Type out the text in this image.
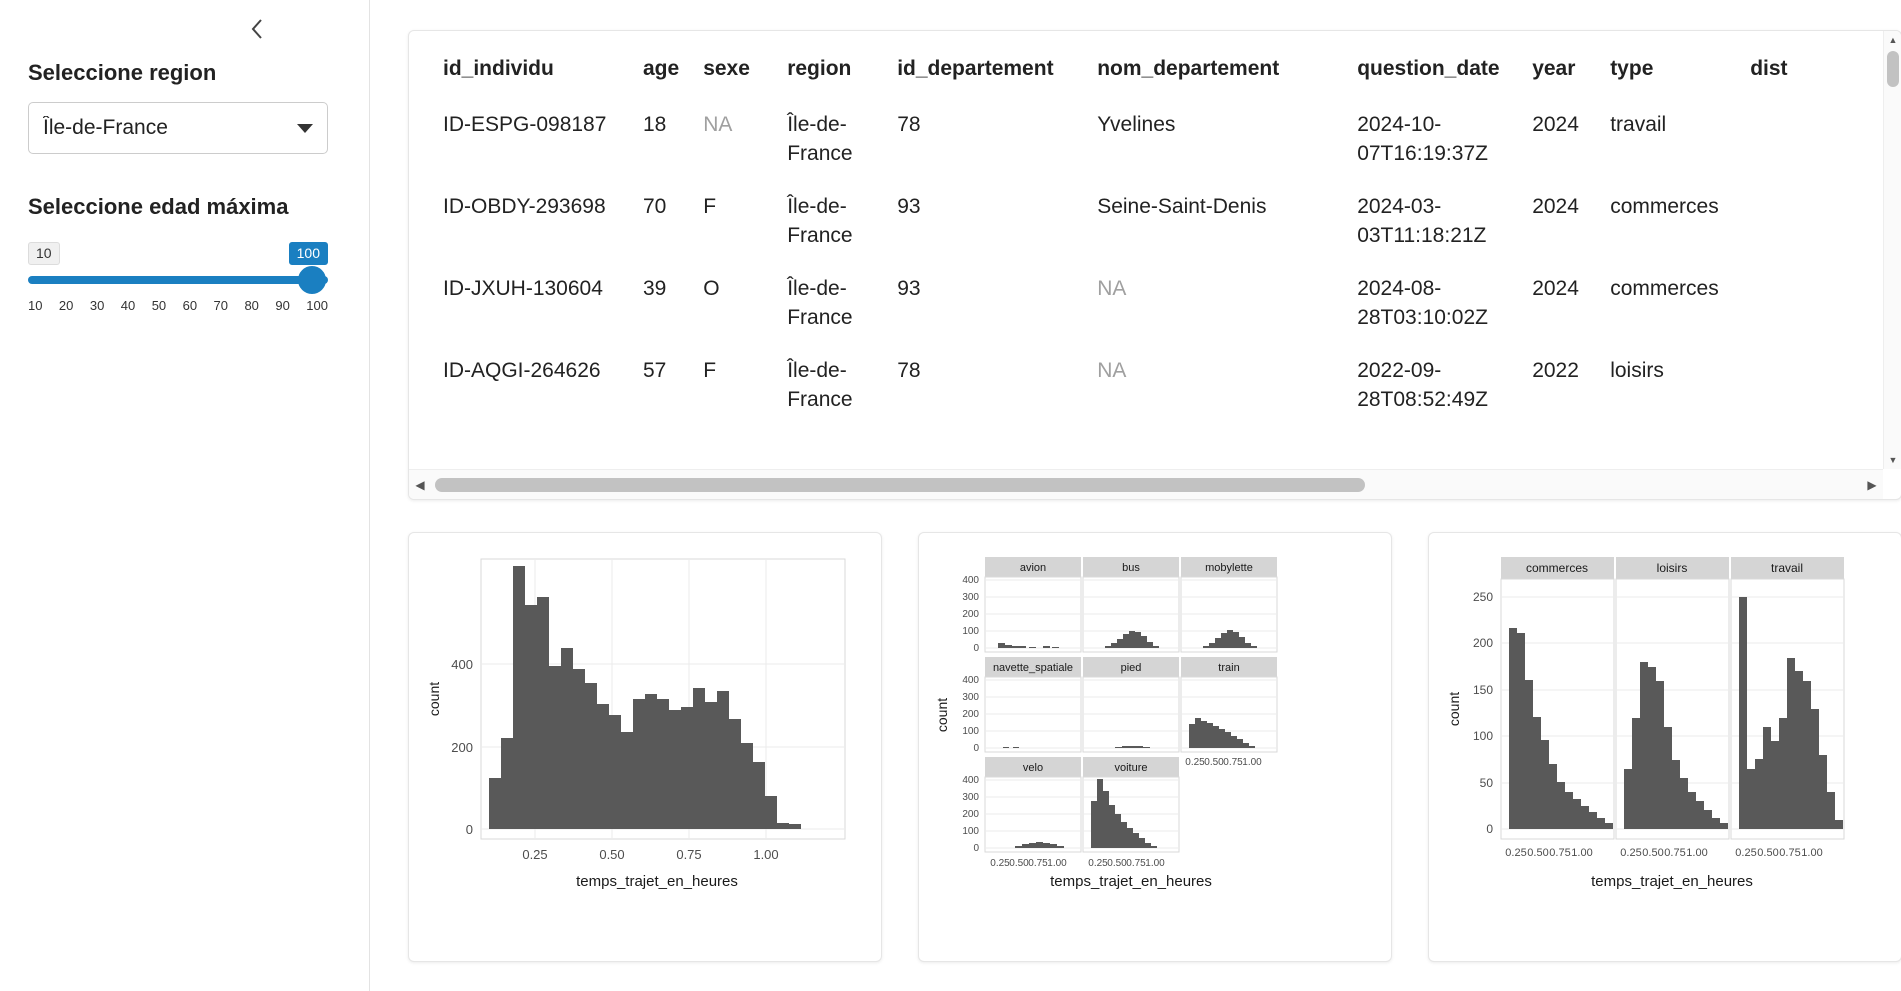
Seleccione region
Île-de-France
Seleccione edad máxima
10	100
10 20 30 40 50 60 70 80 90 100
id_individu	age	sexe	region	id_departement	nom_departement	question_date	year	type	dist
ID-ESPG-098187	18	NA	Île-de-France	78	Yvelines	2024-10-07T16:19:37Z	2024	travail	
ID-OBDY-293698	70	F	Île-de-France	93	Seine-Saint-Denis	2024-03-03T11:18:21Z	2024	commerces	
ID-JXUH-130604	39	O	Île-de-France	93	NA	2024-08-28T03:10:02Z	2024	commerces	
ID-AQGI-264626	57	F	Île-de-France	78	NA	2022-09-28T08:52:49Z	2022	loisirs	
▲
▼
◀	▶
0
200
400
count
0.25	0.50	0.75	1.00
temps_trajet_en_heures
avion	bus	mobylette
navette_spatiale	pied	train
0.25 0.50 0.75 1.00
velo	voiture
0
100
200
300
400
0
100
200
300
400
0
100
200
300
400
count
0.25 0.50 0.75 1.00 0.25 0.50 0.75 1.00
temps_trajet_en_heures
commerces	loisirs	travail
0
50
100
150
200
250
count
0.25 0.50 0.75 1.00	0.25 0.50 0.75 1.00	0.25 0.50 0.75 1.00
temps_trajet_en_heures
